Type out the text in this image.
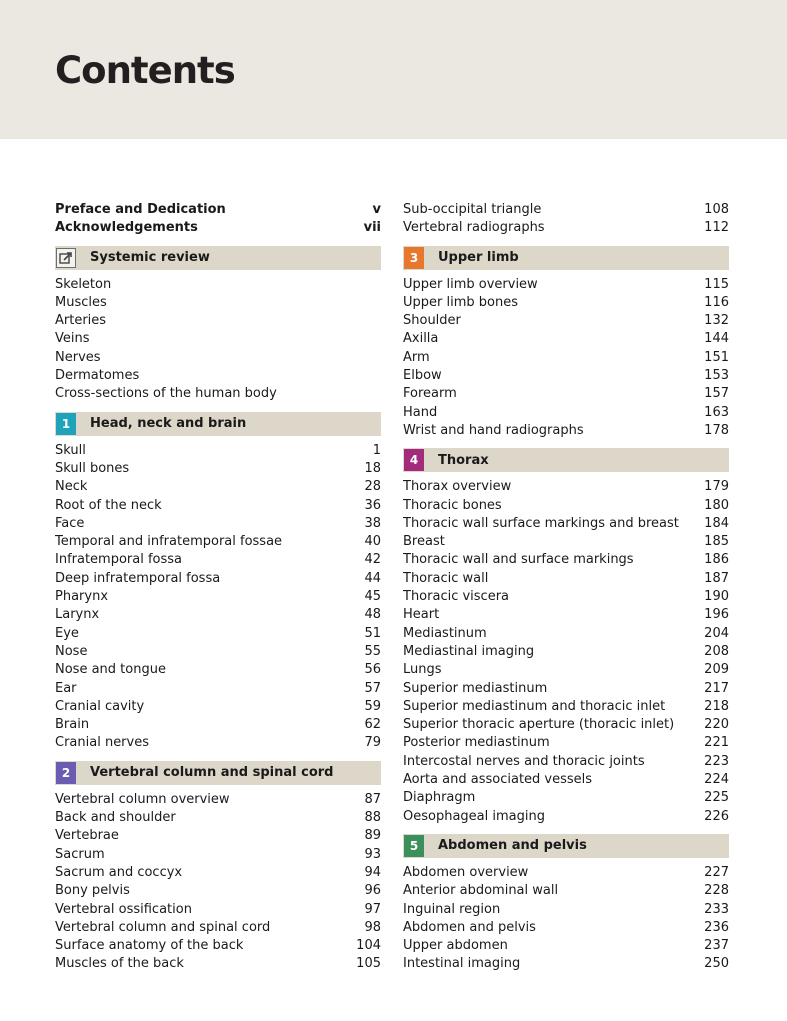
Contents
Preface and Dedication	v
Acknowledgements	vii
Systemic review
Skeleton
Muscles
Arteries
Veins
Nerves
Dermatomes
Cross-sections of the human body
1	Head, neck and brain
Skull	1
Skull bones	18
Neck	28
Root of the neck	36
Face	38
Temporal and infratemporal fossae	40
Infratemporal fossa	42
Deep infratemporal fossa	44
Pharynx	45
Larynx	48
Eye	51
Nose	55
Nose and tongue	56
Ear	57
Cranial cavity	59
Brain	62
Cranial nerves	79
2	Vertebral column and spinal cord
Vertebral column overview	87
Back and shoulder	88
Vertebrae	89
Sacrum	93
Sacrum and coccyx	94
Bony pelvis	96
Vertebral ossification	97
Vertebral column and spinal cord	98
Surface anatomy of the back	104
Muscles of the back	105
Sub-occipital triangle	108
Vertebral radiographs	112
3	Upper limb
Upper limb overview	115
Upper limb bones	116
Shoulder	132
Axilla	144
Arm	151
Elbow	153
Forearm	157
Hand	163
Wrist and hand radiographs	178
4	Thorax
Thorax overview	179
Thoracic bones	180
Thoracic wall surface markings and breast 184
Breast	185
Thoracic wall and surface markings	186
Thoracic wall	187
Thoracic viscera	190
Heart	196
Mediastinum	204
Mediastinal imaging	208
Lungs	209
Superior mediastinum	217
Superior mediastinum and thoracic inlet	218
Superior thoracic aperture (thoracic inlet) 220
Posterior mediastinum	221
Intercostal nerves and thoracic joints	223
Aorta and associated vessels	224
Diaphragm	225
Oesophageal imaging	226
5	Abdomen and pelvis
Abdomen overview	227
Anterior abdominal wall	228
Inguinal region	233
Abdomen and pelvis	236
Upper abdomen	237
Intestinal imaging	250
